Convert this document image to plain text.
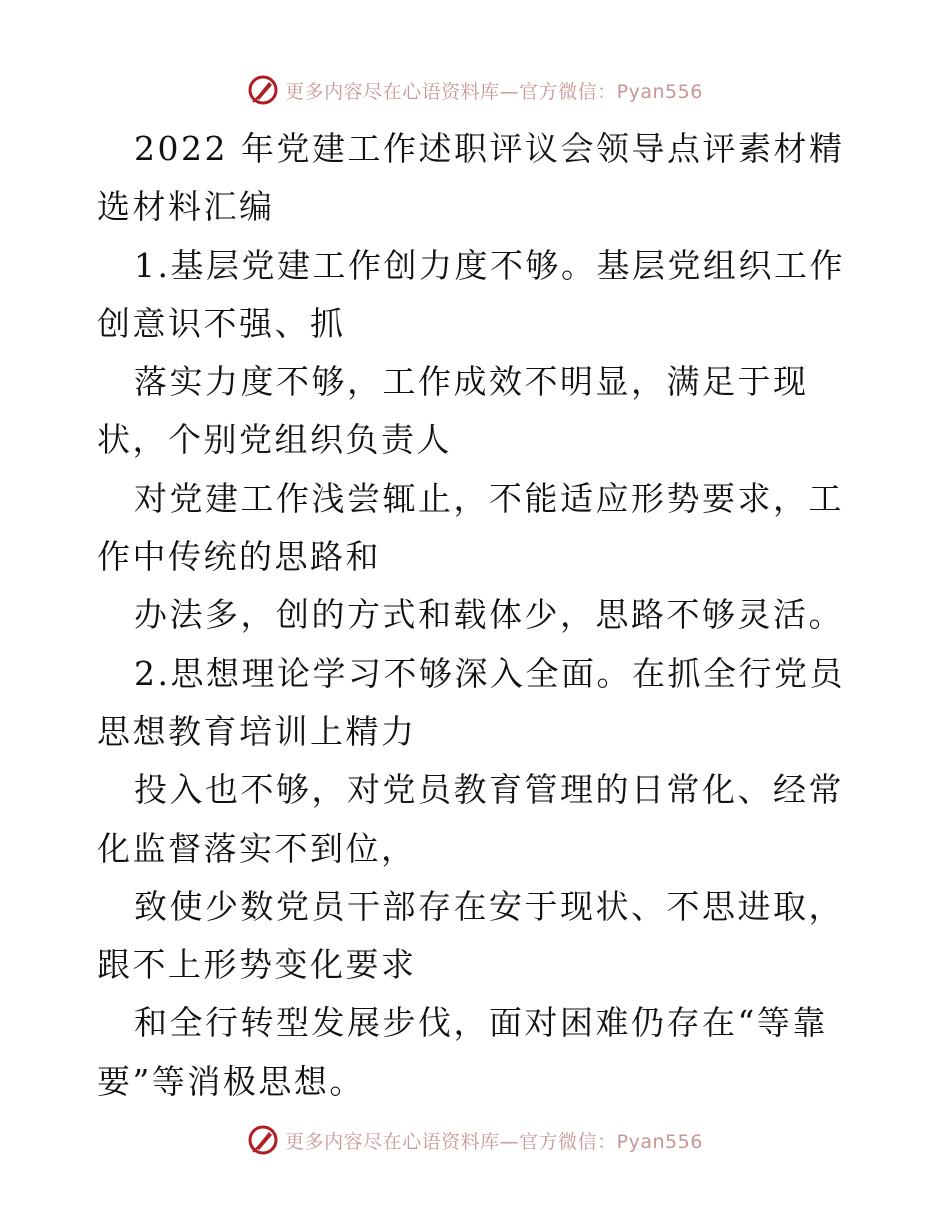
更多内容尽在心语资料库—官方微信：Pyan556

2022 年党建工作述职评议会领导点评素材精选材料汇编

1.基层党建工作创力度不够。基层党组织工作创意识不强、抓

落实力度不够，工作成效不明显，满足于现状，个别党组织负责人

对党建工作浅尝辄止，不能适应形势要求，工作中传统的思路和

办法多，创的方式和载体少，思路不够灵活。

2.思想理论学习不够深入全面。在抓全行党员思想教育培训上精力

投入也不够，对党员教育管理的日常化、经常化监督落实不到位，

致使少数党员干部存在安于现状、不思进取，跟不上形势变化要求

和全行转型发展步伐，面对困难仍存在“等靠要”等消极思想。

更多内容尽在心语资料库—官方微信：Pyan556
